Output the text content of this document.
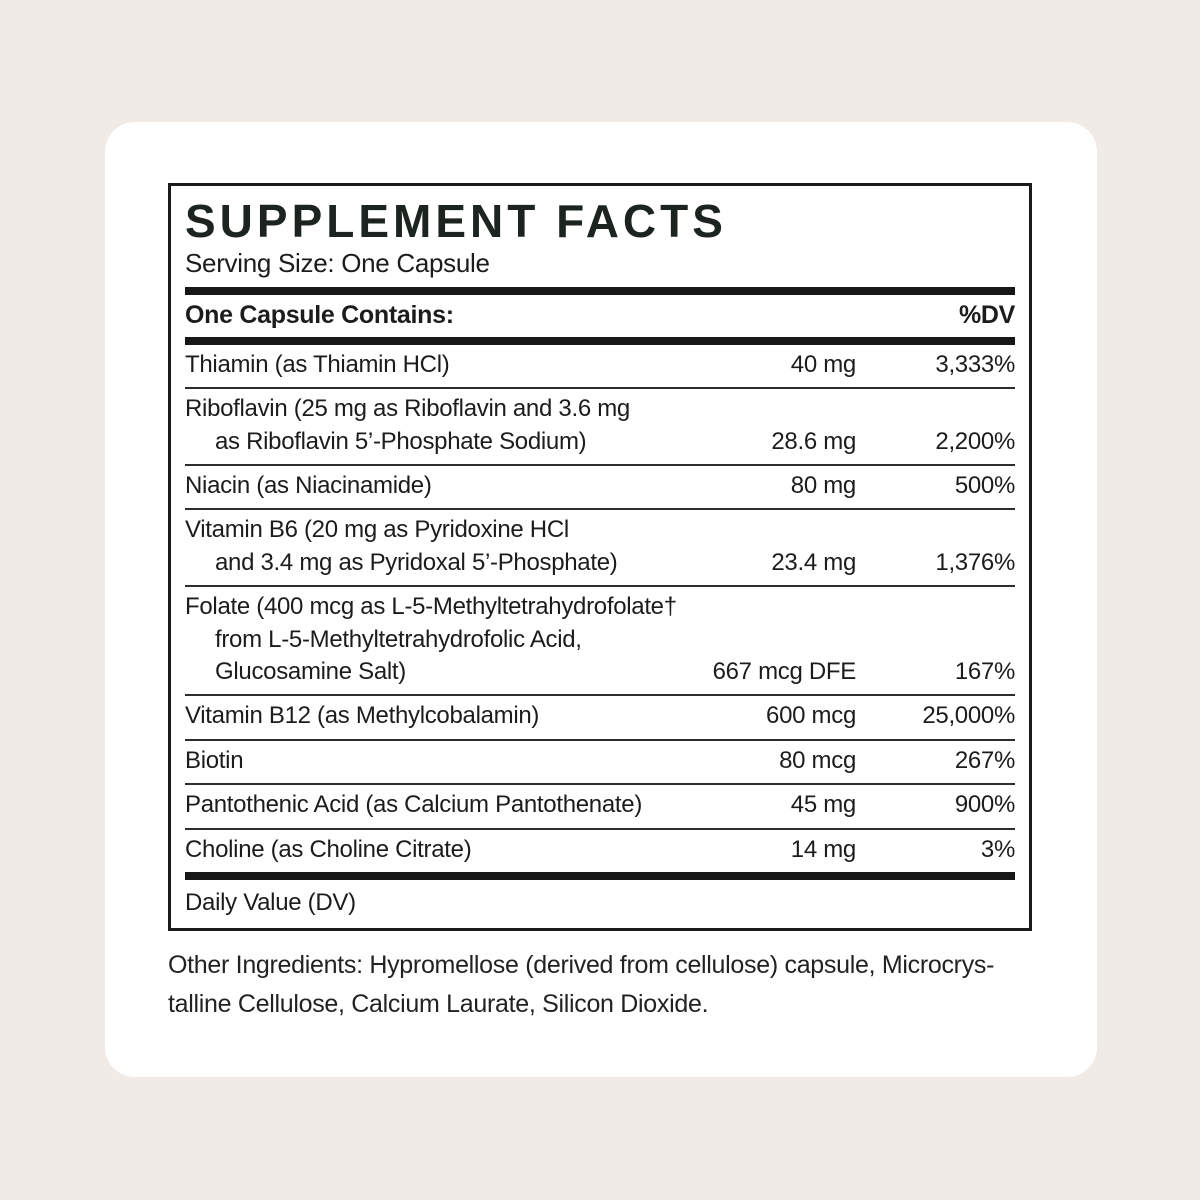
SUPPLEMENT FACTS
Serving Size: One Capsule
One Capsule Contains:	%DV
Thiamin (as Thiamin HCl)	40 mg	3,333%
Riboflavin (25 mg as Riboflavin and 3.6 mg
as Riboflavin 5’-Phosphate Sodium)	28.6 mg	2,200%
Niacin (as Niacinamide)	80 mg	500%
Vitamin B6 (20 mg as Pyridoxine HCl
and 3.4 mg as Pyridoxal 5’-Phosphate)	23.4 mg	1,376%
Folate (400 mcg as L-5-Methyltetrahydrofolate†
from L-5-Methyltetrahydrofolic Acid,
Glucosamine Salt)	667 mcg DFE	167%
Vitamin B12 (as Methylcobalamin)	600 mcg	25,000%
Biotin	80 mcg	267%
Pantothenic Acid (as Calcium Pantothenate)	45 mg	900%
Choline (as Choline Citrate)	14 mg	3%
Daily Value (DV)
Other Ingredients: Hypromellose (derived from cellulose) capsule, Microcrys-
talline Cellulose, Calcium Laurate, Silicon Dioxide.
